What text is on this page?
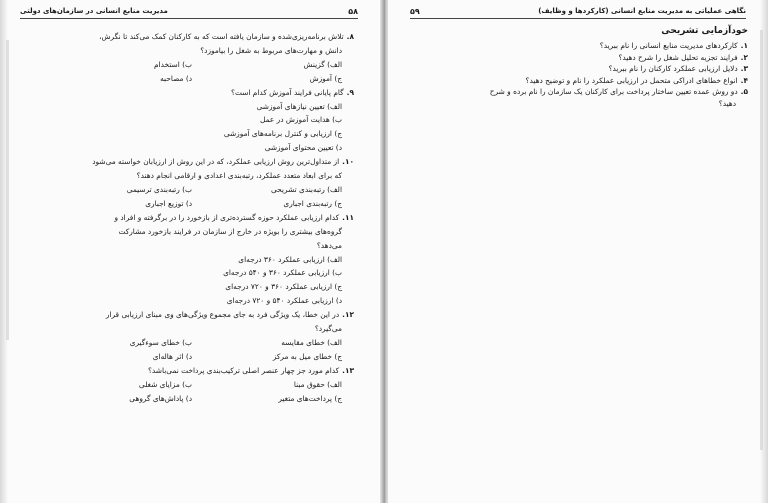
۵۸
مدیریت منابع انسانی در سازمان‌های دولتی
۸.تلاش برنامه‌ریزی‌شده و سازمان یافته است که به کارکنان کمک می‌کند تا نگرش،
دانش و مهارت‌های مربوط به شغل را بیاموزد؟
الف) گزینش
ب) استخدام
ج) آموزش
د) مصاحبه
۹.گام پایانی فرایند آموزش کدام است؟
الف) تعیین نیازهای آموزشی
ب) هدایت آموزش در عمل
ج) ارزیابی و کنترل برنامه‌های آموزشی
د) تعیین محتوای آموزشی
۱۰.از متداول‌ترین روش ارزیابی عملکرد، که در این روش از ارزیابان خواسته می‌شود
که برای ابعاد متعدد عملکرد، رتبه‌بندی اعدادی و ارقامی انجام دهند؟
الف) رتبه‌بندی تشریحی
ب) رتبه‌بندی ترسیمی
ج) رتبه‌بندی اجباری
د) توزیع اجباری
۱۱.کدام ارزیابی عملکرد حوزه گسترده‌تری از بازخورد را در برگرفته و افراد و
گروه‌های بیشتری را بویژه در خارج از سازمان در فرایند بازخورد مشارکت
می‌دهد؟
الف) ارزیابی عملکرد ۳۶۰ درجه‌ای
ب) ارزیابی عملکرد ۳۶۰ و ۵۴۰ درجه‌ای
ج) ارزیابی عملکرد ۳۶۰ و ۷۲۰ درجه‌ای
د) ارزیابی عملکرد ۵۴۰ و ۷۲۰ درجه‌ای
۱۲.در این خطا، یک ویژگی فرد به جای مجموع ویژگی‌های وی مبنای ارزیابی قرار
می‌گیرد؟
الف) خطای مقایسه
ب) خطای سوءگیری
ج) خطای میل به مرکز
د) اثر هاله‌ای
۱۳.کدام مورد جز چهار عنصر اصلی ترکیب‌بندی پرداخت نمی‌باشد؟
الف) حقوق مبنا
ب) مزایای شغلی
ج) پرداخت‌های متغیر
د) پاداش‌های گروهی
نگاهی عملیاتی به مدیریت منابع انسانی (کارکردها و وظایف)
۵۹
خودآزمایی تشریحی
۱.کارکردهای مدیریت منابع انسانی را نام ببرید؟
۲.فرایند تجزیه تحلیل شغل را شرح دهید؟
۳.دلایل ارزیابی عملکرد کارکنان را نام ببرید؟
۴.انواع خطاهای ادراکی متحمل در ارزیابی عملکرد را نام و توضیح دهید؟
۵.دو روش عمده تعیین ساختار پرداخت برای کارکنان یک سازمان را نام برده و شرح
دهید؟
